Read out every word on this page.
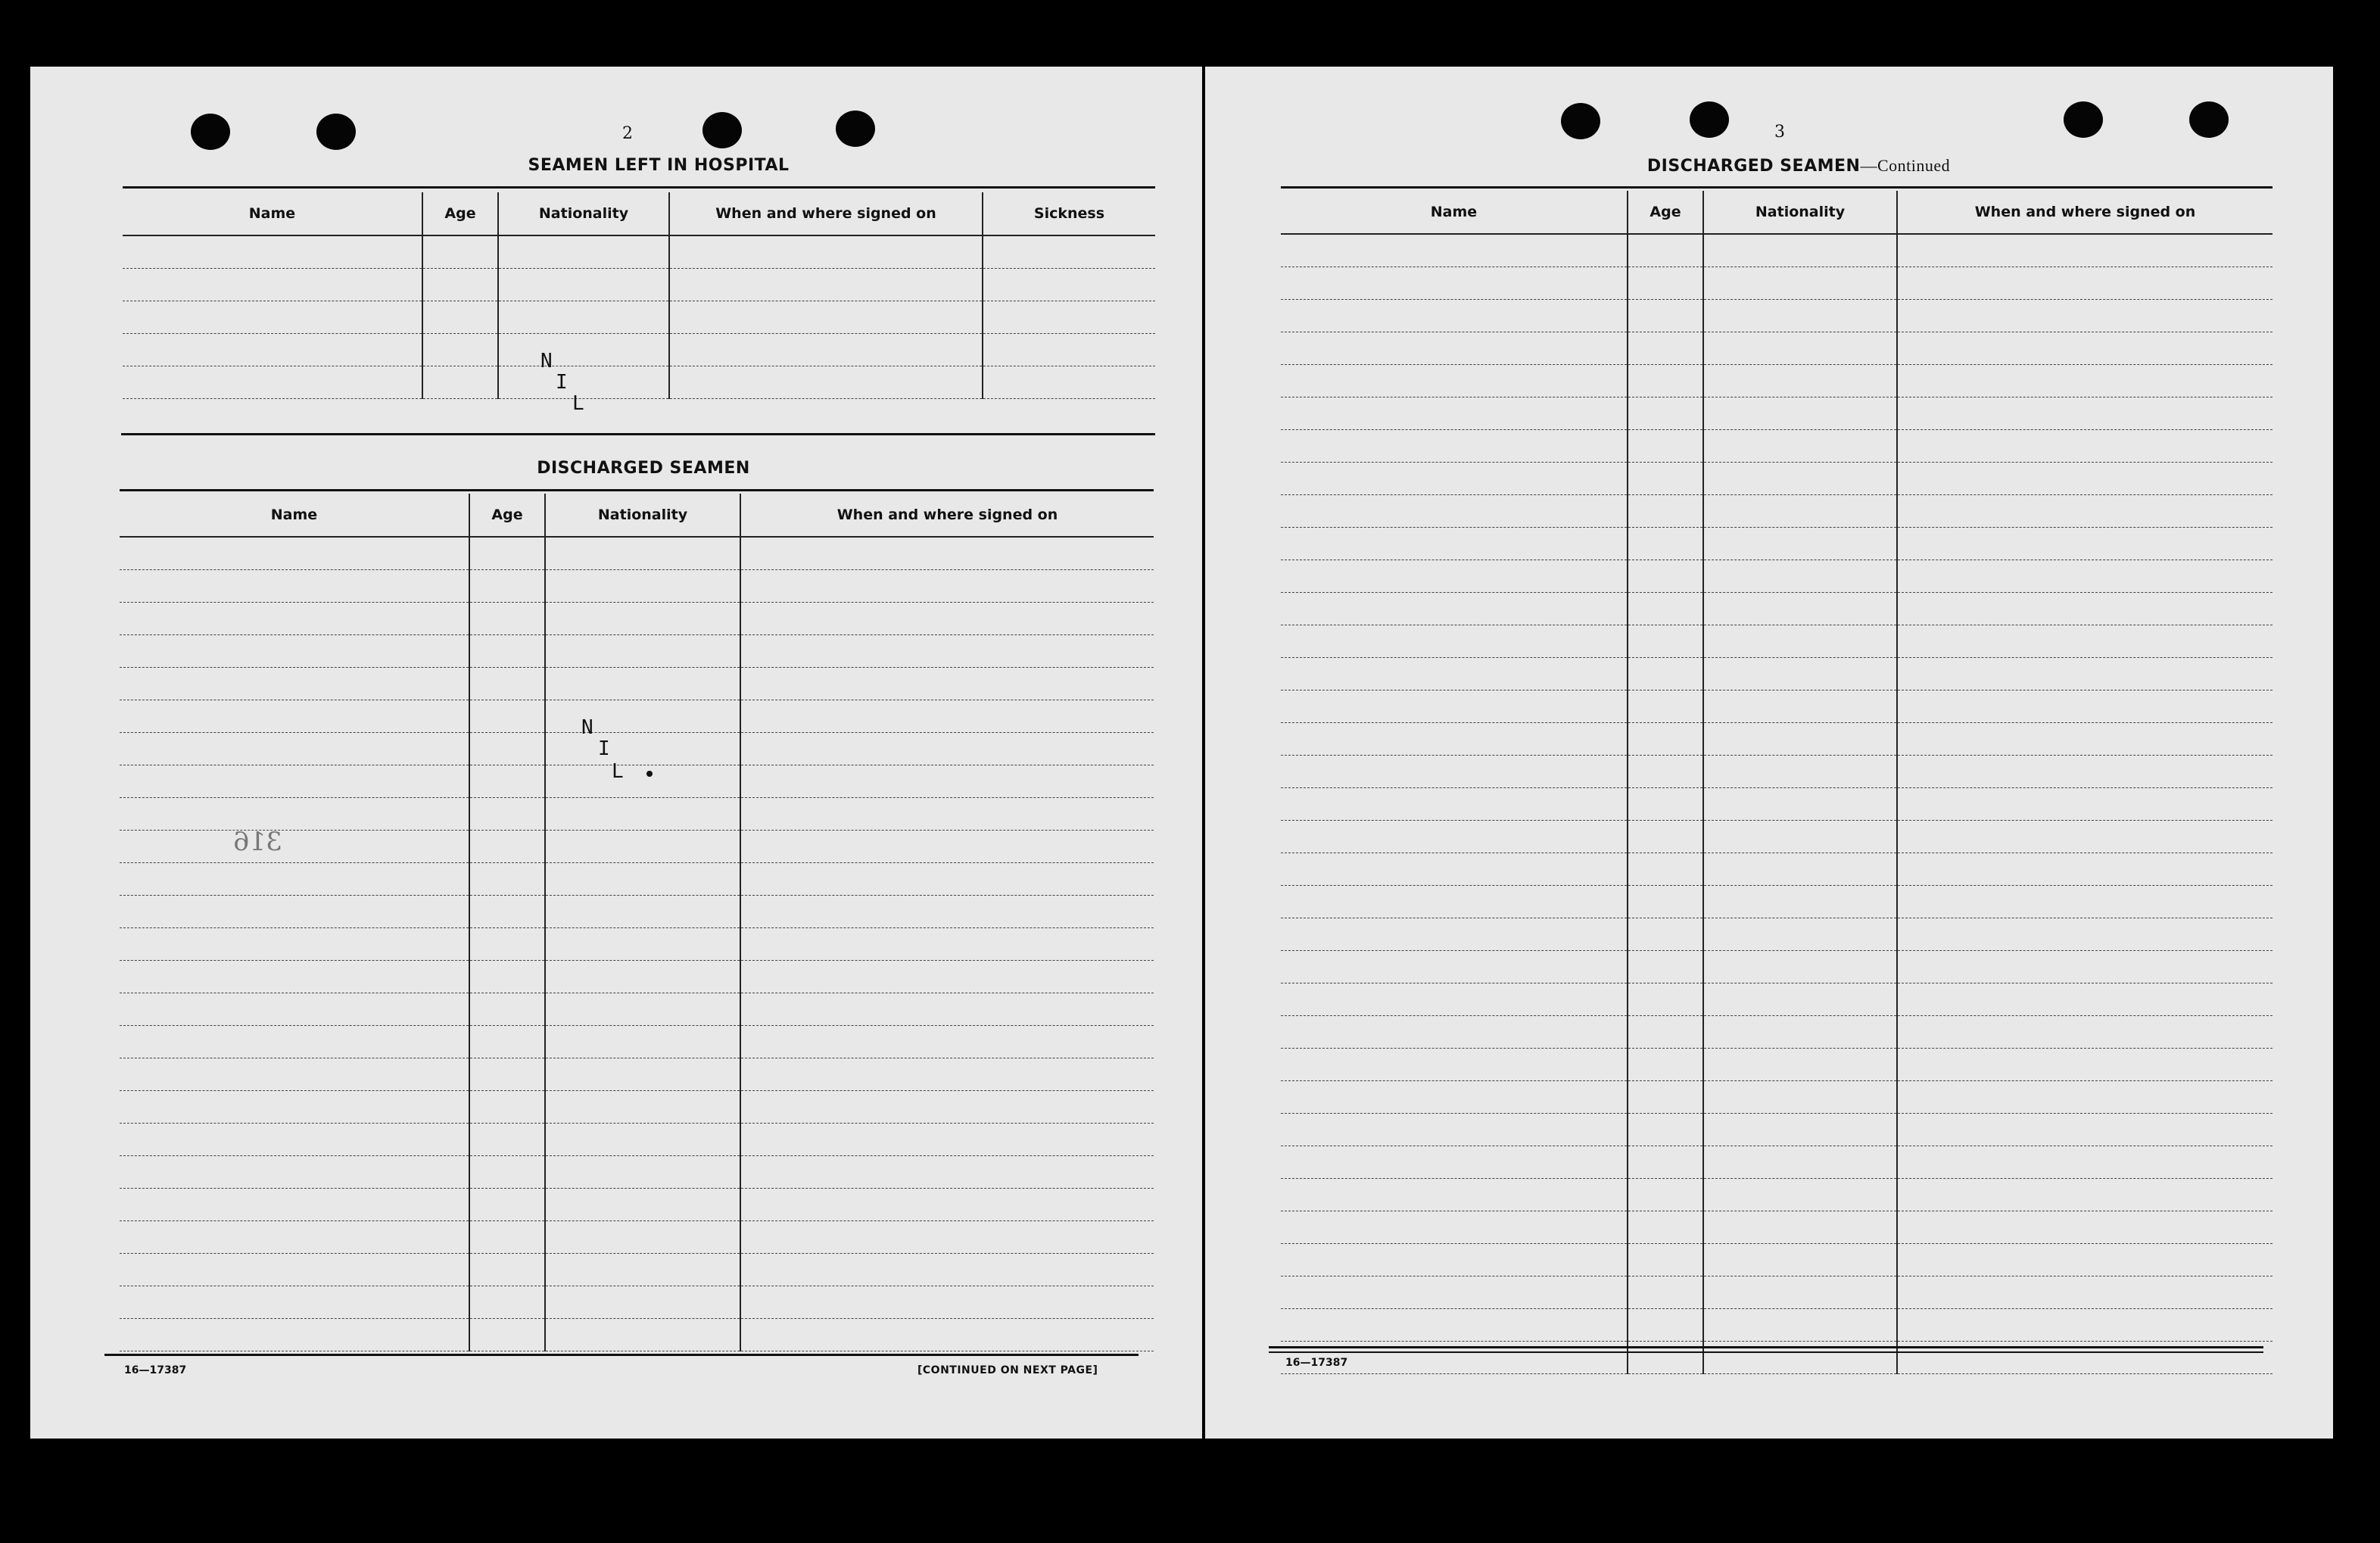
2
SEAMEN LEFT IN HOSPITAL
Name	Age	Nationality	When and where signed on	Sickness

N
I
L
DISCHARGED SEAMEN
Name	Age	Nationality	When and where signed on

N
I
L
316
16—17387	[CONTINUED ON NEXT PAGE]
3
DISCHARGED SEAMEN—Continued
Name	Age	Nationality	When and where signed on

16—17387
